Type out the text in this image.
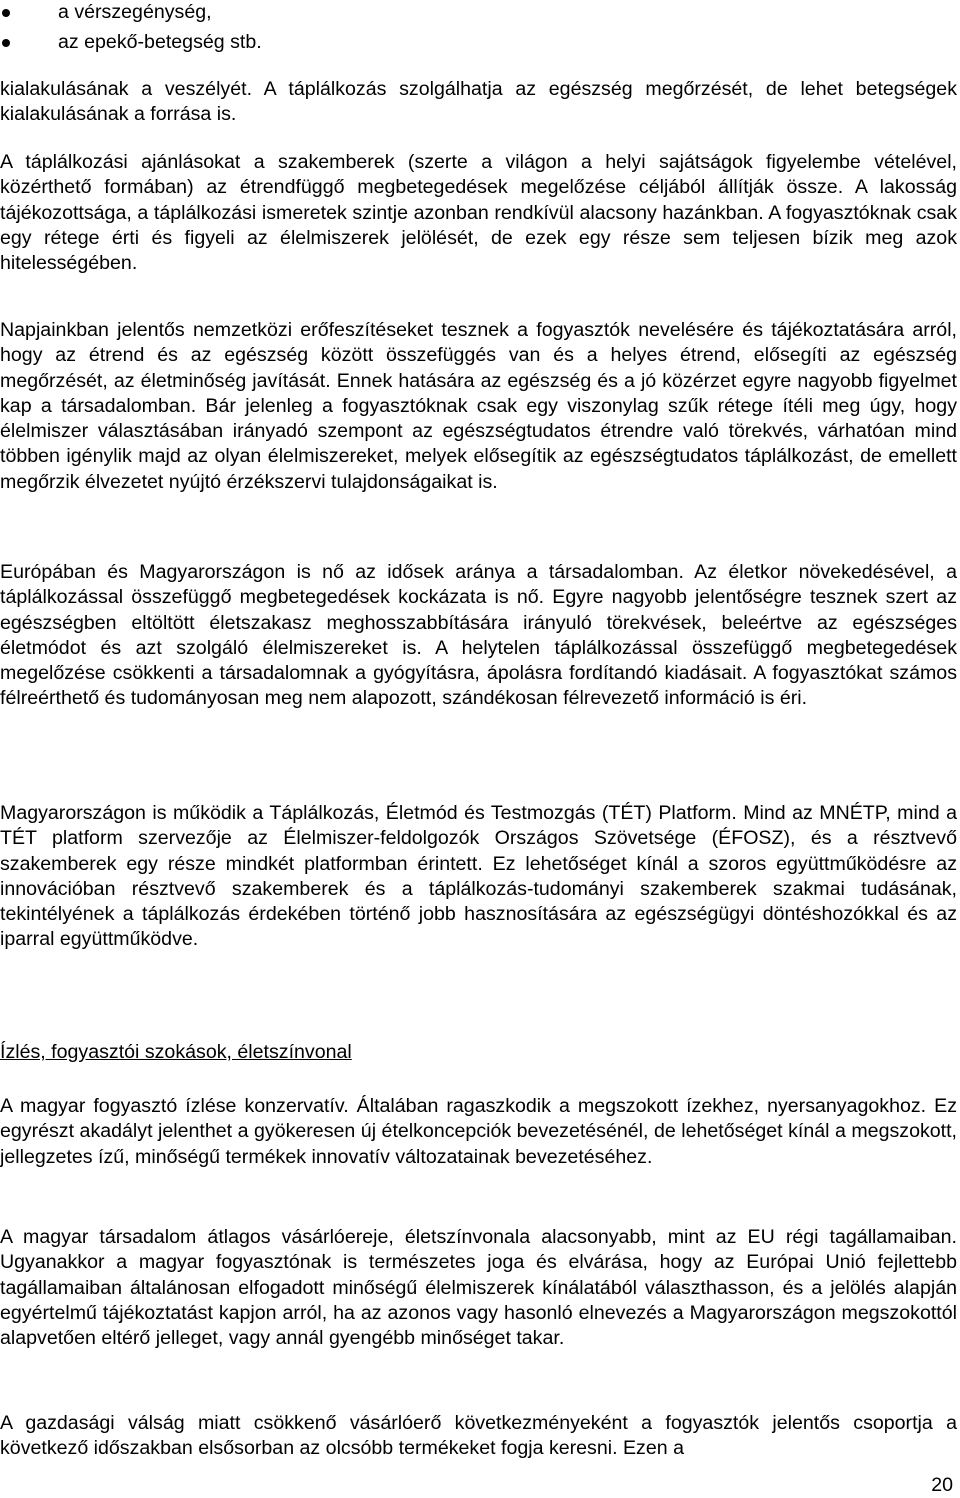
a vérszegénység,
az epekő-betegség stb.

kialakulásának a veszélyét. A táplálkozás szolgálhatja az egészség megőrzését, de lehet betegségek kialakulásának a forrása is.

A táplálkozási ajánlásokat a szakemberek (szerte a világon a helyi sajátságok figyelembe vételével, közérthető formában) az étrendfüggő megbetegedések megelőzése céljából állítják össze. A lakosság tájékozottsága, a táplálkozási ismeretek szintje azonban rendkívül alacsony hazánkban. A fogyasztóknak csak egy rétege érti és figyeli az élelmiszerek jelölését, de ezek egy része sem teljesen bízik meg azok hitelességében.

Napjainkban jelentős nemzetközi erőfeszítéseket tesznek a fogyasztók nevelésére és tájékoztatására arról, hogy az étrend és az egészség között összefüggés van és a helyes étrend, elősegíti az egészség megőrzését, az életminőség javítását. Ennek hatására az egészség és a jó közérzet egyre nagyobb figyelmet kap a társadalomban. Bár jelenleg a fogyasztóknak csak egy viszonylag szűk rétege ítéli meg úgy, hogy élelmiszer választásában irányadó szempont az egészségtudatos étrendre való törekvés, várhatóan mind többen igénylik majd az olyan élelmiszereket, melyek elősegítik az egészségtudatos táplálkozást, de emellett megőrzik élvezetet nyújtó érzékszervi tulajdonságaikat is.

Európában és Magyarországon is nő az idősek aránya a társadalomban. Az életkor növekedésével, a táplálkozással összefüggő megbetegedések kockázata is nő. Egyre nagyobb jelentőségre tesznek szert az egészségben eltöltött életszakasz meghosszabbítására irányuló törekvések, beleértve az egészséges életmódot és azt szolgáló élelmiszereket is. A helytelen táplálkozással összefüggő megbetegedések megelőzése csökkenti a társadalomnak a gyógyításra, ápolásra fordítandó kiadásait. A fogyasztókat számos félreérthető és tudományosan meg nem alapozott, szándékosan félrevezető információ is éri.

Magyarországon is működik a Táplálkozás, Életmód és Testmozgás (TÉT) Platform. Mind az MNÉTP, mind a TÉT platform szervezője az Élelmiszer-feldolgozók Országos Szövetsége (ÉFOSZ), és a résztvevő szakemberek egy része mindkét platformban érintett. Ez lehetőséget kínál a szoros együttműködésre az innovációban résztvevő szakemberek és a táplálkozás-tudományi szakemberek szakmai tudásának, tekintélyének a táplálkozás érdekében történő jobb hasznosítására az egészségügyi döntéshozókkal és az iparral együttműködve.

Ízlés, fogyasztói szokások, életszínvonal

A magyar fogyasztó ízlése konzervatív. Általában ragaszkodik a megszokott ízekhez, nyersanyagokhoz. Ez egyrészt akadályt jelenthet a gyökeresen új ételkoncepciók bevezetésénél, de lehetőséget kínál a megszokott, jellegzetes ízű, minőségű termékek innovatív változatainak bevezetéséhez.

A magyar társadalom átlagos vásárlóereje, életszínvonala alacsonyabb, mint az EU régi tagállamaiban. Ugyanakkor a magyar fogyasztónak is természetes joga és elvárása, hogy az Európai Unió fejlettebb tagállamaiban általánosan elfogadott minőségű élelmiszerek kínálatából választhasson, és a jelölés alapján egyértelmű tájékoztatást kapjon arról, ha az azonos vagy hasonló elnevezés a Magyarországon megszokottól alapvetően eltérő jelleget, vagy annál gyengébb minőséget takar.

A gazdasági válság miatt csökkenő vásárlóerő következményeként a fogyasztók jelentős csoportja a következő időszakban elsősorban az olcsóbb termékeket fogja keresni. Ezen a

20
